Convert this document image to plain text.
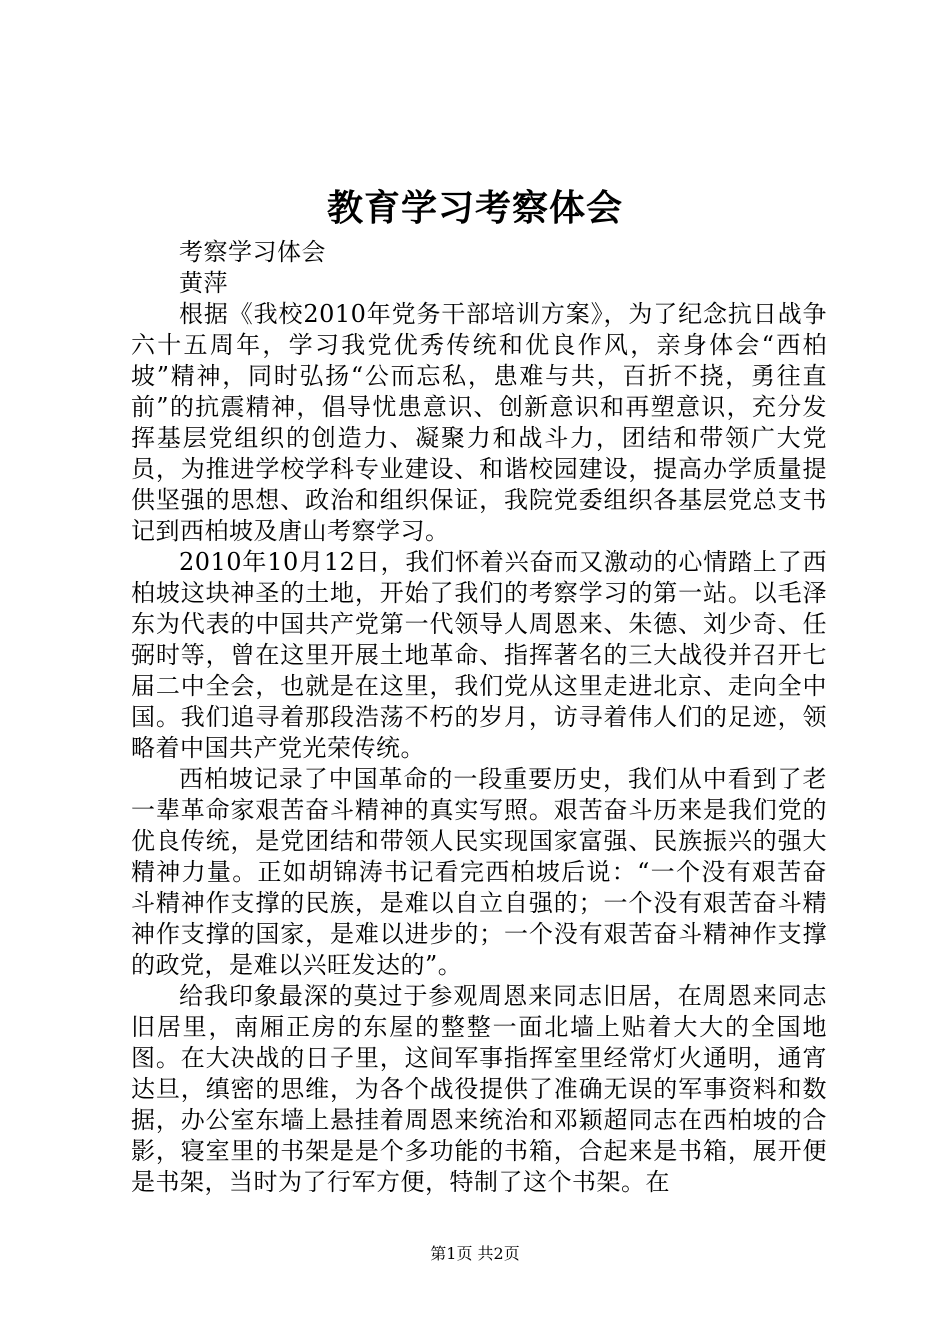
教育学习考察体会

考察学习体会

黄萍

根据《我校2010年党务干部培训方案》，为了纪念抗日战争六十五周年，学习我党优秀传统和优良作风，亲身体会“西柏坡”精神，同时弘扬“公而忘私，患难与共，百折不挠，勇往直前”的抗震精神，倡导忧患意识、创新意识和再塑意识，充分发挥基层党组织的创造力、凝聚力和战斗力，团结和带领广大党员，为推进学校学科专业建设、和谐校园建设，提高办学质量提供坚强的思想、政治和组织保证，我院党委组织各基层党总支书记到西柏坡及唐山考察学习。

2010年10月12日，我们怀着兴奋而又激动的心情踏上了西柏坡这块神圣的土地，开始了我们的考察学习的第一站。以毛泽东为代表的中国共产党第一代领导人周恩来、朱德、刘少奇、任弼时等，曾在这里开展土地革命、指挥著名的三大战役并召开七届二中全会，也就是在这里，我们党从这里走进北京、走向全中国。我们追寻着那段浩荡不朽的岁月，访寻着伟人们的足迹，领略着中国共产党光荣传统。

西柏坡记录了中国革命的一段重要历史，我们从中看到了老一辈革命家艰苦奋斗精神的真实写照。艰苦奋斗历来是我们党的优良传统，是党团结和带领人民实现国家富强、民族振兴的强大精神力量。正如胡锦涛书记看完西柏坡后说：“一个没有艰苦奋斗精神作支撑的民族，是难以自立自强的；一个没有艰苦奋斗精神作支撑的国家，是难以进步的；一个没有艰苦奋斗精神作支撑的政党，是难以兴旺发达的”。

给我印象最深的莫过于参观周恩来同志旧居，在周恩来同志旧居里，南厢正房的东屋的整整一面北墙上贴着大大的全国地图。在大决战的日子里，这间军事指挥室里经常灯火通明，通宵达旦，缜密的思维，为各个战役提供了准确无误的军事资料和数据，办公室东墙上悬挂着周恩来统治和邓颖超同志在西柏坡的合影，寝室里的书架是是个多功能的书箱，合起来是书箱，展开便是书架，当时为了行军方便，特制了这个书架。在

第1页 共2页
